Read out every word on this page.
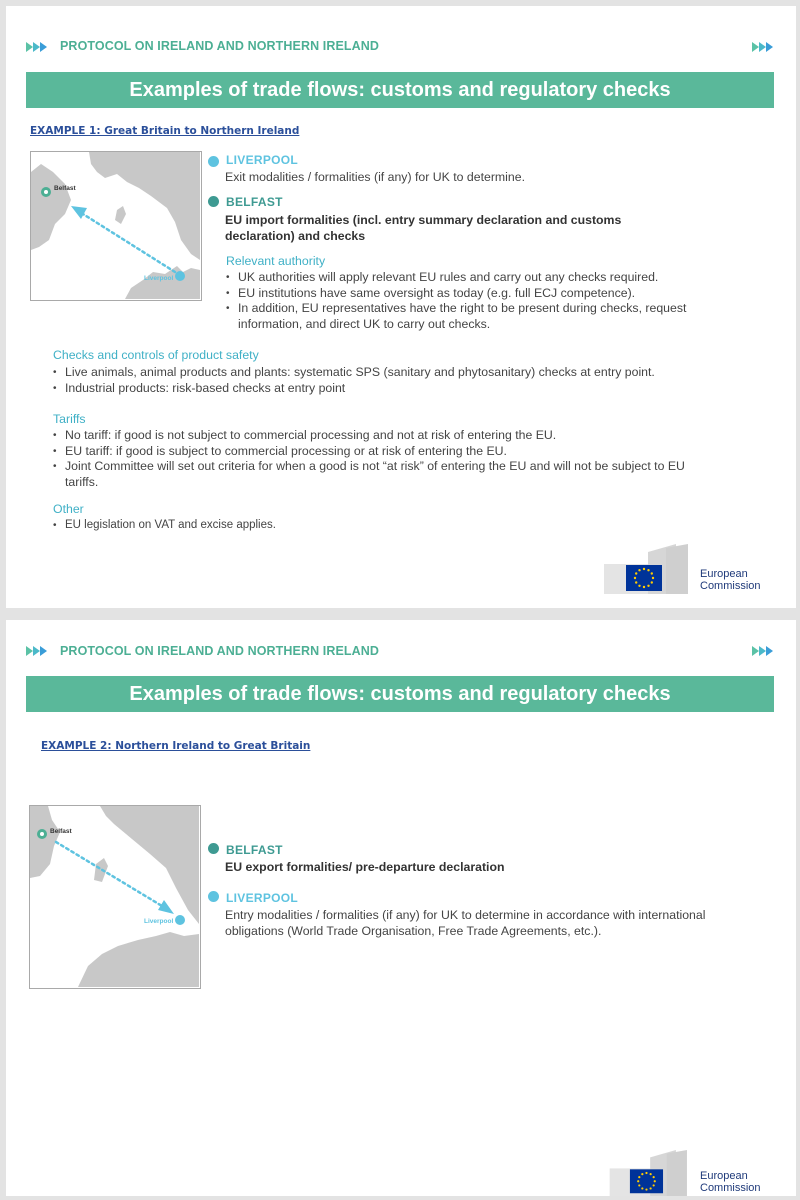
PROTOCOL ON IRELAND AND NORTHERN IRELAND
Examples of trade flows: customs and regulatory checks
EXAMPLE 1: Great Britain to Northern Ireland
Belfast
Liverpool
LIVERPOOL
Exit modalities / formalities (if any) for UK to determine.
BELFAST
EU import formalities (incl. entry summary declaration and customs
declaration) and checks
Relevant authority
• UK authorities will apply relevant EU rules and carry out any checks required.
• EU institutions have same oversight as today (e.g. full ECJ competence).
• In addition, EU representatives have the right to be present during checks, request information, and direct UK to carry out checks.
Checks and controls of product safety
• Live animals, animal products and plants: systematic SPS (sanitary and phytosanitary) checks at entry point.
• Industrial products: risk-based checks at entry point
Tariffs
• No tariff: if good is not subject to commercial processing and not at risk of entering the EU.
• EU tariff: if good is subject to commercial processing or at risk of entering the EU.
• Joint Committee will set out criteria for when a good is not “at risk” of entering the EU and will not be subject to EU tariffs.
Other
• EU legislation on VAT and excise applies.
European
Commission
PROTOCOL ON IRELAND AND NORTHERN IRELAND
Examples of trade flows: customs and regulatory checks
EXAMPLE 2: Northern Ireland to Great Britain
Belfast
Liverpool
BELFAST
EU export formalities/ pre-departure declaration
LIVERPOOL
Entry modalities / formalities (if any) for UK to determine in accordance with international
obligations (World Trade Organisation, Free Trade Agreements, etc.).
European
Commission
